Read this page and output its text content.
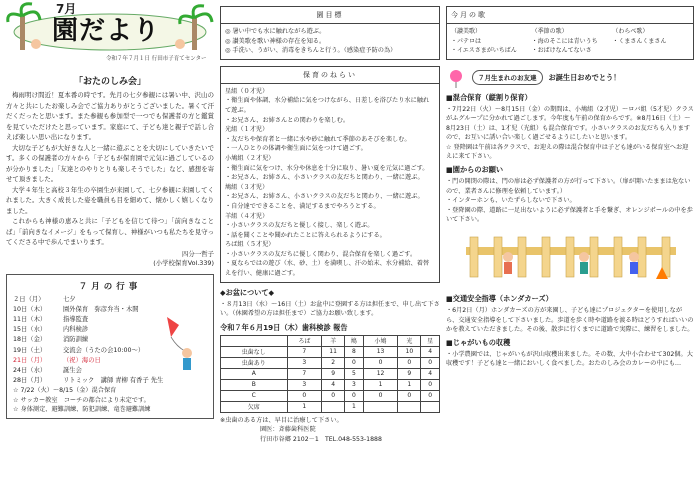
7月
園だより
令和７年７月１日 行田市子育てセンター
「おたのしみ会」

梅雨明け間近！夏本番の時です。先月の七夕参観には暑い中、沢山の方々と共にしたお楽しみ会でご協力ありがとうございました。暑くて汗だくだったと思います。また参観も参加型で一つでも保護者の方と鑑賞を見ていただけたと思っています。家庭にて、子ども達と親子で話し合えば楽しい思い出になります。

大切な子どもが大好きな人と一緒に遊ぶことを大切にしていきたいです。多くの保護者の方々から「子どもが保育園で元気に過ごしているのが分かりました」「友達とのやりとりも楽しそうでした」など、感想を寄せて頂きました。

大学４年生と高校３年生の卒園生が来園して、七夕参観に来園してくれました。大きく成長した姿を職員も目を細めて、懐かしく嬉しくなりました。

これからも神様の恵みと共に「子どもを信じて待つ」「前向きなことば」「前向きなイメージ」をもって保育し、神様がいつも私たちを見守ってくださる中で歩んでまいります。

四分一哲子
(小学校保育Vol.339)
７月の行事
２日（月）	七夕
10日（木）	園外保育　弥彦弁当・木開
11日（木）	指導監査
15日（水）	内科検診
18日（金）	消防訓練
19日（土）	交流会（うたの会10:00～）
21日（月）	（祝）海の日
24日（水）	誕生会
28日（月）	リトミック　講師 青柳 有香子 先生
☆ 7/22（火）～8/15（金）混合保育
☆ サッカー教室　コーチの都合により未定です。
☆ 身体測定、避難訓練、防犯訓練、竜巻避難訓練
園目標
◎ 暑い中でも水に触れながら遊ぶ。
◎ 讃美歌を歌い神様の存在を知る。
◎ 手洗い、うがい、消毒をきちんと行う。（感染症予防の為）
保育のねらい
星組（０才児）
・衛生面や体調、水分補給に気をつけながら、日差しを浴びたり水に触れて遊ぶ。
・お兄さん、お姉さんとの関わりを楽しむ。
光組（１才児）
・友だちや保育者と一緒に水や砂に触れて季節のあそびを楽しむ。
・一人ひとりの体調や衛生面に気をつけて過ごす。
小鳩組（２才児）
・衛生面に気をつけ、水分や休息を十分に取り、暑い夏を元気に過ごす。
・お兄さん、お姉さん、小さいクラスの友だちと関わり、一緒に遊ぶ。
鳩組（３才児）
・お兄さん、お姉さん、小さいクラスの友だちと関わり、一緒に遊ぶ。
・自分達でできることを、満足するまでやろうとする。
羊組（４才児）
・小さいクラスの友だちと優しく接し、楽しく遊ぶ。
・話を聞くことや聞かれたことに答えられるようにする。
ろば組（５才児）
・小さいクラスの友だちに優しく関わり、混合保育を楽しく過ごす。
・夏ならではの遊び（水、砂、土）を満喫し、汗の始末、水分補給、着替えを行い、健康に過ごす。
◆お盆について◆
・８月13日（水）～16日（土）お盆中に登園する方は担任まで、申し出て下さい。（休園希望の方は担任まで）ご協力お願い致します。
令和７年６月19日（木）歯科検診 報告
	ろば	羊	鳩	小鳩	光	星
虫歯なし	7	11	8	13	10	4
虫歯あり	3	2	0	0	0	0
A	7	9	5	12	9	4
B	3	4	3	1	1	0
C	0	0	0	0	0	0
欠席	1		1			
※虫歯のある方は、早目に治療して下さい。
園医：斉藤歯科医院
行田市谷郷 2102－1　TEL.048-553-1888
今月の歌
（讃美歌）
・パテロは
・イエスさまがいちばん
（季節の歌）
・海のそこには青いうち
・おばけなんてないさ
（わらべ歌）
・くまさんくまさん
７月生まれのお友達	お誕生日おめでとう！
■混合保育（縦割り保育）
・7月22日（火）～8月15日（金）の期間は、小鳩組（2才児）～ロバ組（5才児）クラスがふグループに分かれて過ごします。今年度も午前の保育からです。※8月16日（土）～8月23日（土）は、1才児（光組）も混合保育です。小さいクラスのお友だちも入りますので、お互いに誘い合い楽しく過ごせるようにしたいと思います。
☆ 登降園は午前は各クラスで、お迎えの際は混合保育中は子ども達がいる保育室へお迎えに来て下さい。
■園からのお願い
・門の開閉の際は、門の扉は必ず保護者の方が行って下さい。（扉が開いたままは危ないので、業者さんに修理を依頼しています。）
・インターホンも、いたずらしないで下さい。
・登降園の際、道路に一足出ないように必ず保護者と手を繋ぎ、オレンジポールの中を歩いて下さい。
■交通安全指導（ホンダカーズ）
・6月2日（月）ホンダカーズの方が来園し、子ども達にプロジェクターを使用しながら、交通安全指導をして下さいました。歩道を歩く時や道路を渡る時はどうすればいいのかを教えていただきました。その後、散歩に行くまでに道路で実際に、練習をしました。
■じゃがいもの収穫
・小学農園では、じゃがいもが沢山収穫出来ました。その数、大中小合わせて302個。大収穫です！子ども達と一緒においしく食べました。おたのしみ会のカレーの中にも…
